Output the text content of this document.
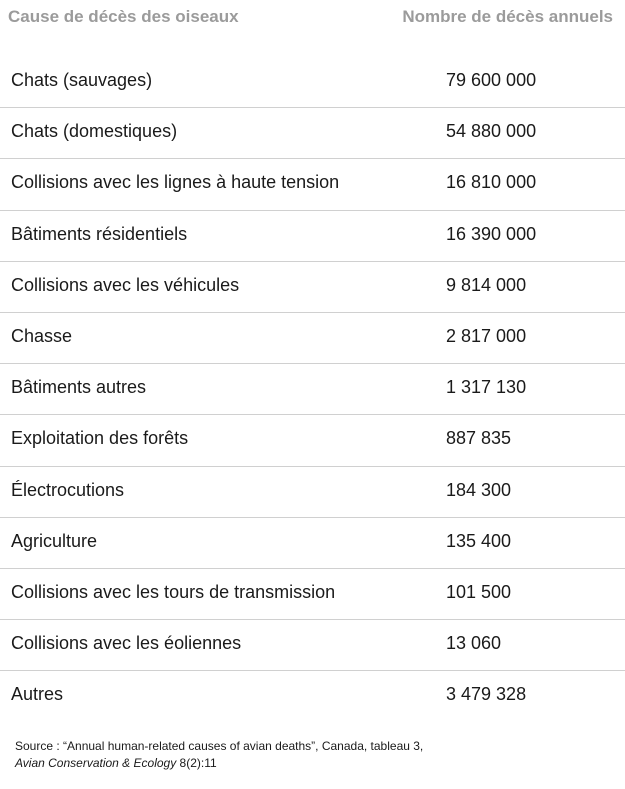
Cause de décès des oiseaux	Nombre de décès annuels
Chats (sauvages)	79 600 000
Chats (domestiques)	54 880 000
Collisions avec les lignes à haute tension	16 810 000
Bâtiments résidentiels	16 390 000
Collisions avec les véhicules	9 814 000
Chasse	2 817 000
Bâtiments autres	1 317 130
Exploitation des forêts	887 835
Électrocutions	184 300
Agriculture	135 400
Collisions avec les tours de transmission	101 500
Collisions avec les éoliennes	13 060
Autres	3 479 328
Source : “Annual human-related causes of avian deaths”, Canada, tableau 3,
Avian Conservation & Ecology 8(2):11
